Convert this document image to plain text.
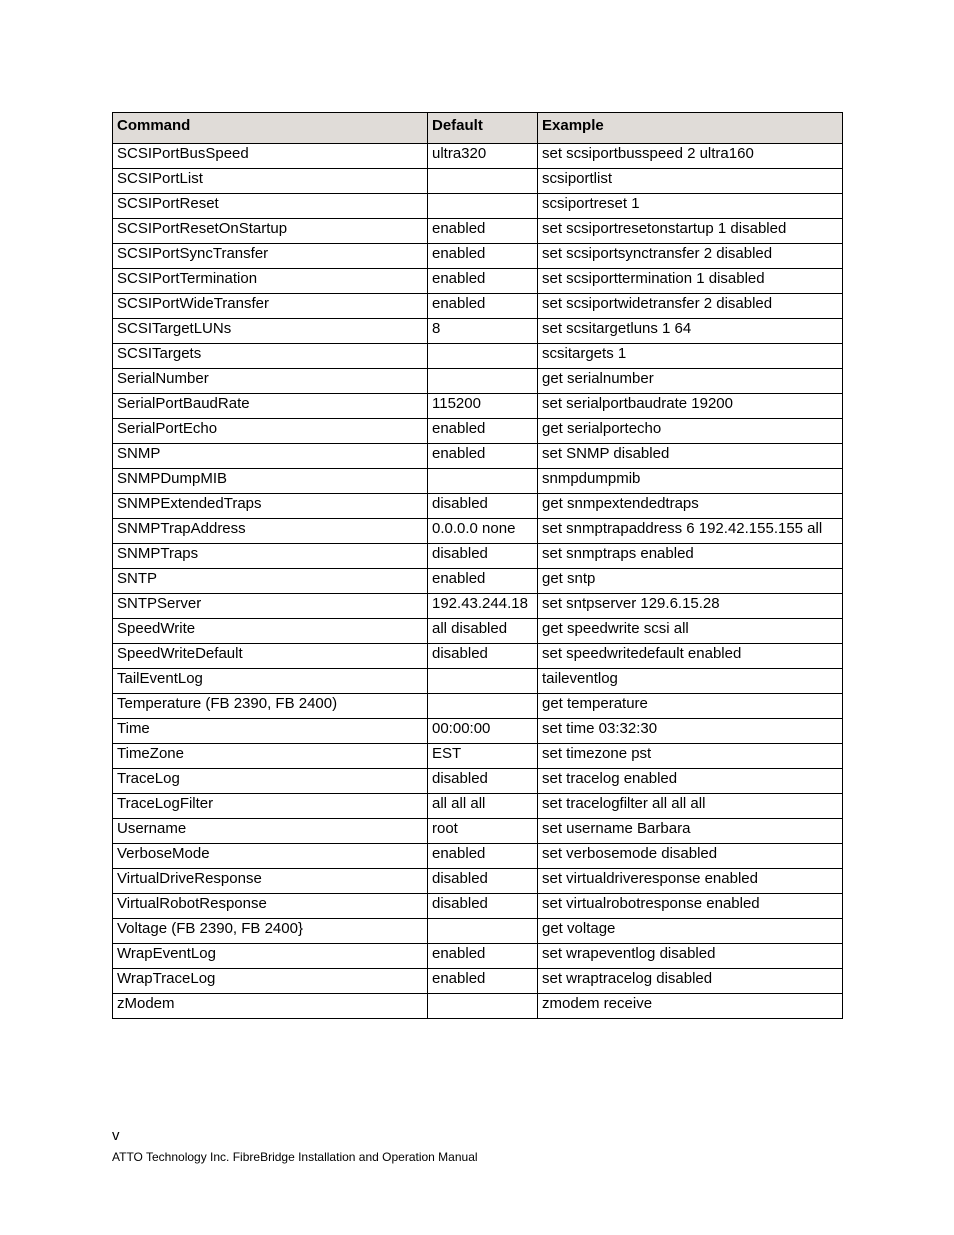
Command	Default	Example
SCSIPortBusSpeed	ultra320	set scsiportbusspeed 2 ultra160
SCSIPortList		scsiportlist
SCSIPortReset		scsiportreset 1
SCSIPortResetOnStartup	enabled	set scsiportresetonstartup 1 disabled
SCSIPortSyncTransfer	enabled	set scsiportsynctransfer 2 disabled
SCSIPortTermination	enabled	set scsiporttermination 1 disabled
SCSIPortWideTransfer	enabled	set scsiportwidetransfer 2 disabled
SCSITargetLUNs	8	set scsitargetluns 1 64
SCSITargets		scsitargets 1
SerialNumber		get serialnumber
SerialPortBaudRate	115200	set serialportbaudrate 19200
SerialPortEcho	enabled	get serialportecho
SNMP	enabled	set SNMP disabled
SNMPDumpMIB		snmpdumpmib
SNMPExtendedTraps	disabled	get snmpextendedtraps
SNMPTrapAddress	0.0.0.0 none	set snmptrapaddress 6 192.42.155.155 all
SNMPTraps	disabled	set snmptraps enabled
SNTP	enabled	get sntp
SNTPServer	192.43.244.18	set sntpserver 129.6.15.28
SpeedWrite	all disabled	get speedwrite scsi all
SpeedWriteDefault	disabled	set speedwritedefault enabled
TailEventLog		taileventlog
Temperature (FB 2390, FB 2400)		get temperature
Time	00:00:00	set time 03:32:30
TimeZone	EST	set timezone pst
TraceLog	disabled	set tracelog enabled
TraceLogFilter	all all all	set tracelogfilter all all all
Username	root	set username Barbara
VerboseMode	enabled	set verbosemode disabled
VirtualDriveResponse	disabled	set virtualdriveresponse enabled
VirtualRobotResponse	disabled	set virtualrobotresponse enabled
Voltage (FB 2390, FB 2400}		get voltage
WrapEventLog	enabled	set wrapeventlog disabled
WrapTraceLog	enabled	set wraptracelog disabled
zModem		zmodem receive
v
ATTO Technology Inc. FibreBridge Installation and Operation Manual
